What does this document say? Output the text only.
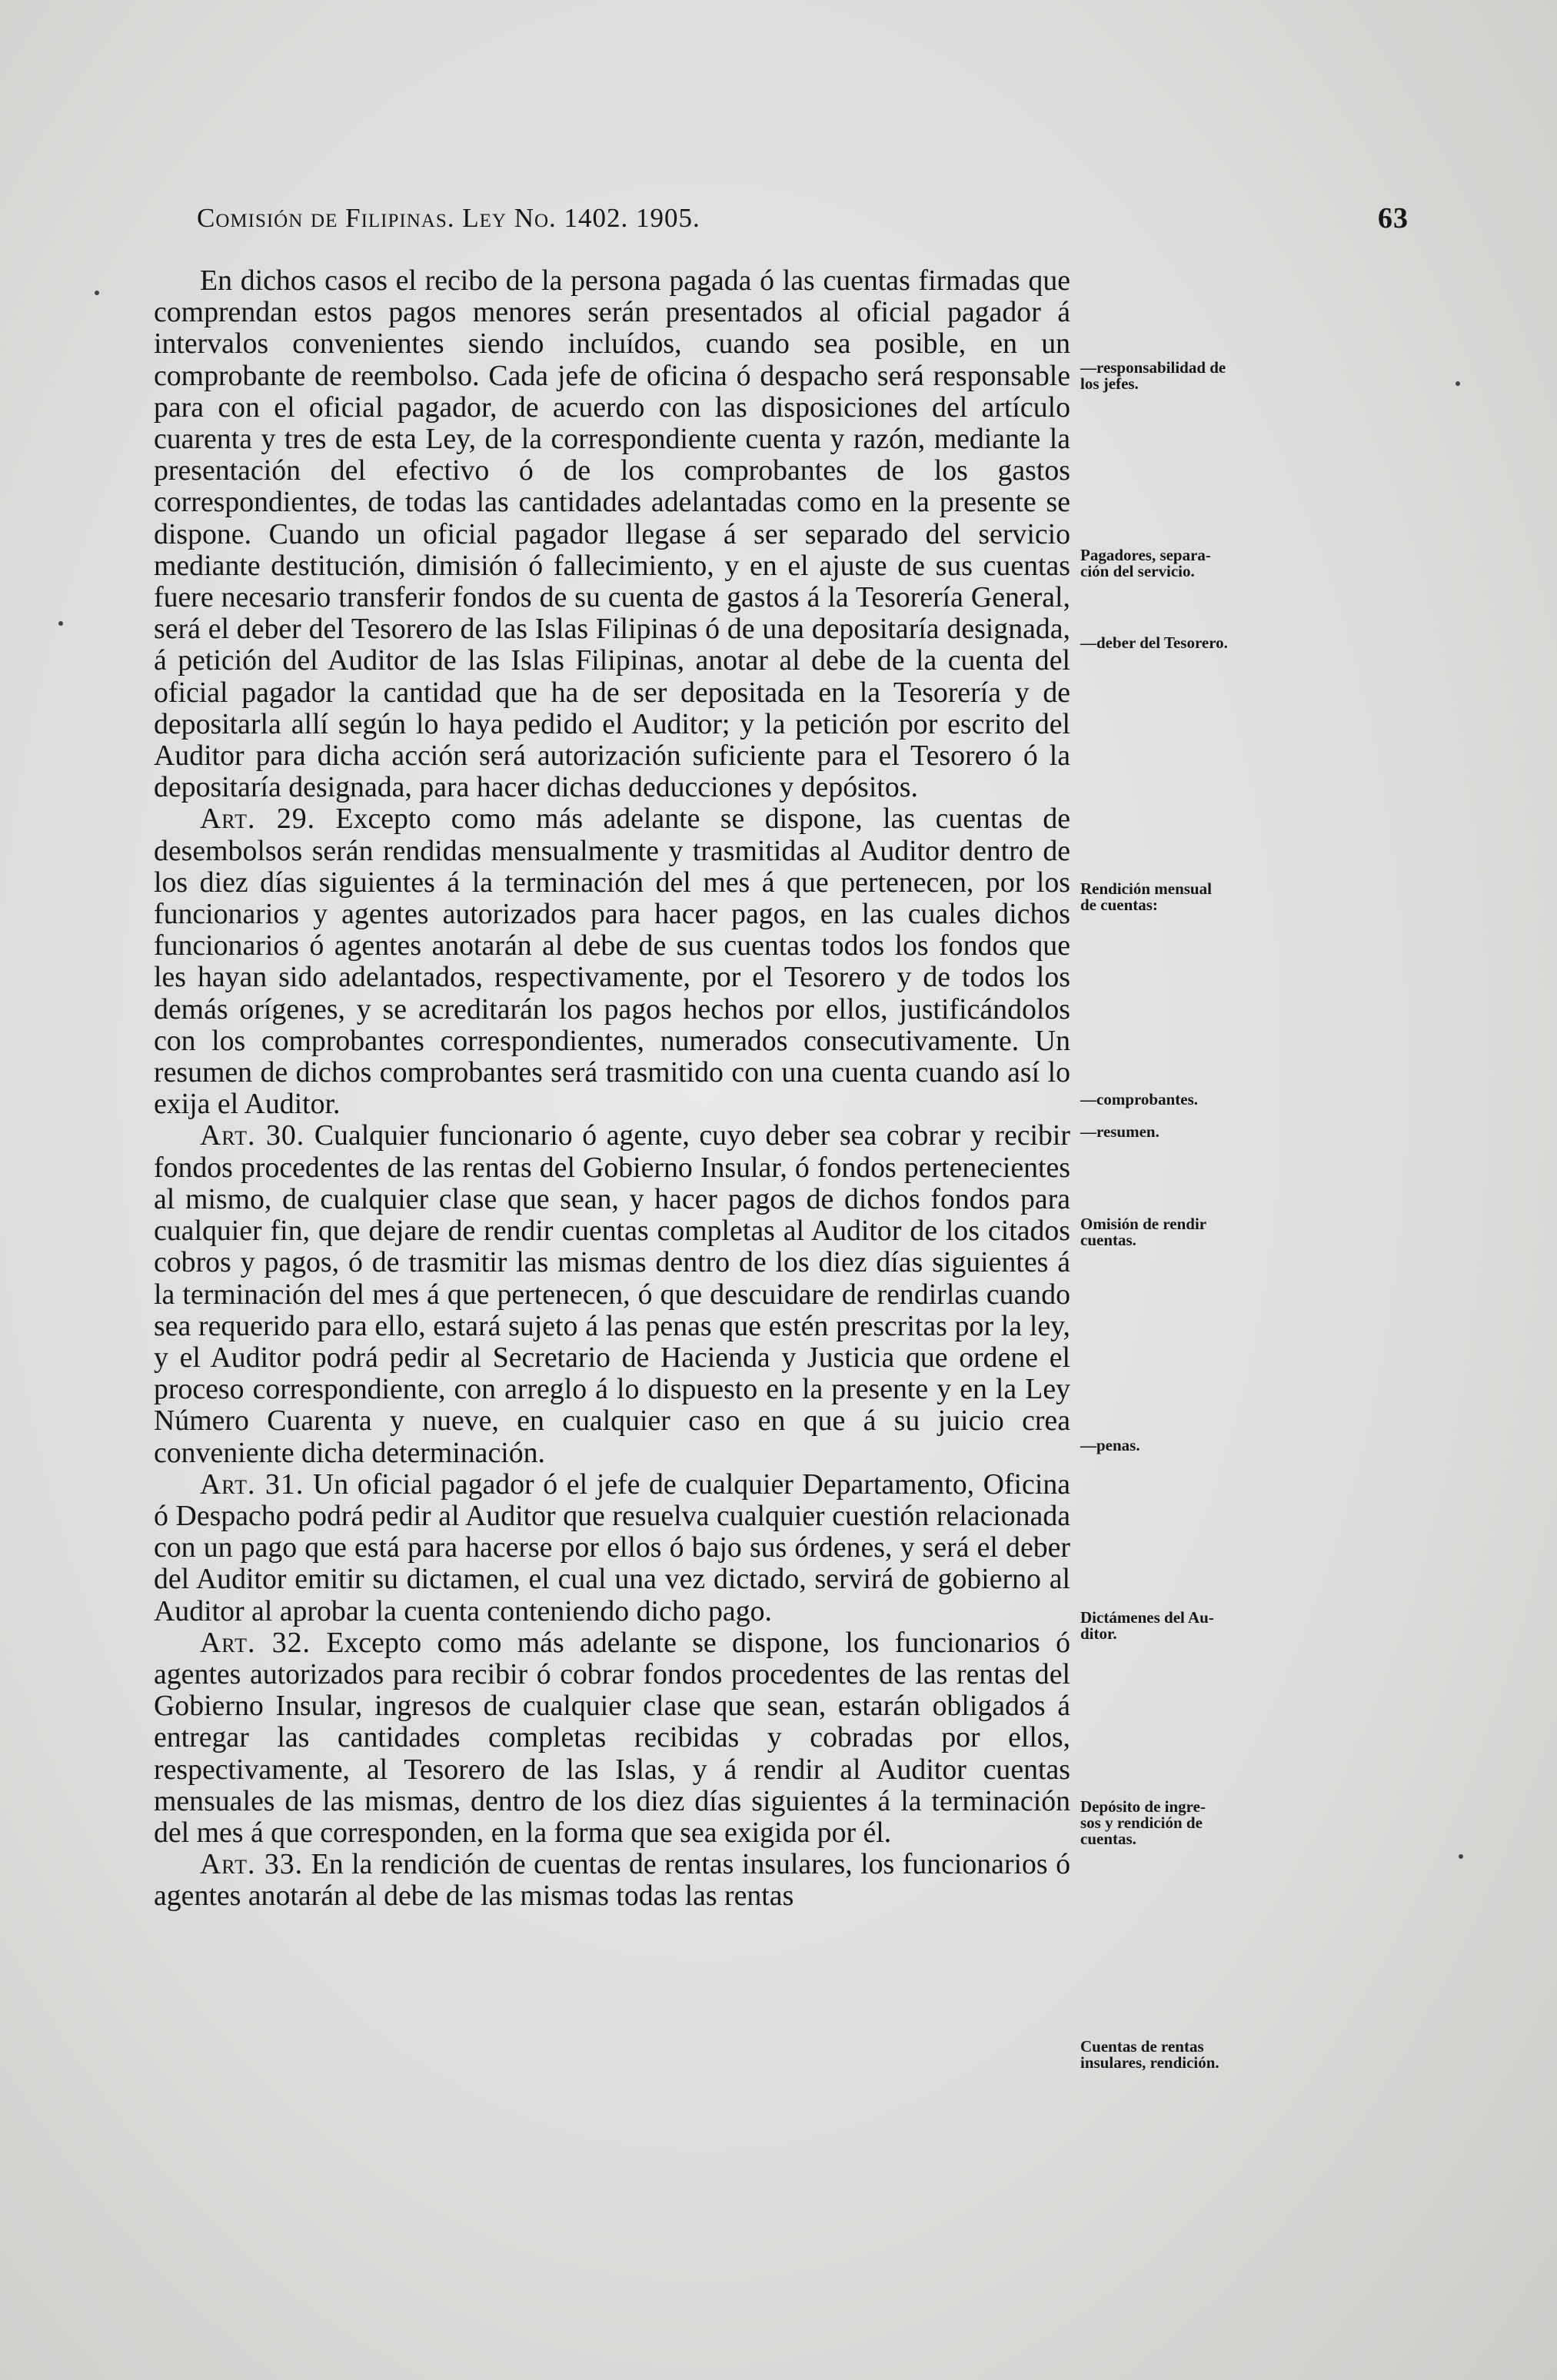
Comisión de Filipinas. Ley No. 1402. 1905.	63

En dichos casos el recibo de la persona pagada ó las cuentas firmadas que comprendan estos pagos menores serán presentados al oficial pagador á intervalos convenientes siendo incluídos, cuando sea posible, en un comprobante de reembolso. Cada jefe de oficina ó despacho será responsable para con el oficial pagador, de acuerdo con las disposiciones del artículo cuarenta y tres de esta Ley, de la correspondiente cuenta y razón, mediante la presentación del efectivo ó de los comprobantes de los gastos correspondientes, de todas las cantidades adelantadas como en la presente se dispone. Cuando un oficial pagador llegase á ser separado del servicio mediante destitución, dimisión ó fallecimiento, y en el ajuste de sus cuentas fuere necesario transferir fondos de su cuenta de gastos á la Tesorería General, será el deber del Tesorero de las Islas Filipinas ó de una depositaría designada, á petición del Auditor de las Islas Filipinas, anotar al debe de la cuenta del oficial pagador la cantidad que ha de ser depositada en la Tesorería y de depositarla allí según lo haya pedido el Auditor; y la petición por escrito del Auditor para dicha acción será autorización suficiente para el Tesorero ó la depositaría designada, para hacer dichas deducciones y depósitos.

Art. 29. Excepto como más adelante se dispone, las cuentas de desembolsos serán rendidas mensualmente y trasmitidas al Auditor dentro de los diez días siguientes á la terminación del mes á que pertenecen, por los funcionarios y agentes autorizados para hacer pagos, en las cuales dichos funcionarios ó agentes anotarán al debe de sus cuentas todos los fondos que les hayan sido adelantados, respectivamente, por el Tesorero y de todos los demás orígenes, y se acreditarán los pagos hechos por ellos, justificándolos con los comprobantes correspondientes, numerados consecutivamente. Un resumen de dichos comprobantes será trasmitido con una cuenta cuando así lo exija el Auditor.

Art. 30. Cualquier funcionario ó agente, cuyo deber sea cobrar y recibir fondos procedentes de las rentas del Gobierno Insular, ó fondos pertenecientes al mismo, de cualquier clase que sean, y hacer pagos de dichos fondos para cualquier fin, que dejare de rendir cuentas completas al Auditor de los citados cobros y pagos, ó de trasmitir las mismas dentro de los diez días siguientes á la terminación del mes á que pertenecen, ó que descuidare de rendirlas cuando sea requerido para ello, estará sujeto á las penas que estén prescritas por la ley, y el Auditor podrá pedir al Secretario de Hacienda y Justicia que ordene el proceso correspondiente, con arreglo á lo dispuesto en la presente y en la Ley Número Cuarenta y nueve, en cualquier caso en que á su juicio crea conveniente dicha determinación.

Art. 31. Un oficial pagador ó el jefe de cualquier Departamento, Oficina ó Despacho podrá pedir al Auditor que resuelva cualquier cuestión relacionada con un pago que está para hacerse por ellos ó bajo sus órdenes, y será el deber del Auditor emitir su dictamen, el cual una vez dictado, servirá de gobierno al Auditor al aprobar la cuenta conteniendo dicho pago.

Art. 32. Excepto como más adelante se dispone, los funcionarios ó agentes autorizados para recibir ó cobrar fondos procedentes de las rentas del Gobierno Insular, ingresos de cualquier clase que sean, estarán obligados á entregar las cantidades completas recibidas y cobradas por ellos, respectivamente, al Tesorero de las Islas, y á rendir al Auditor cuentas mensuales de las mismas, dentro de los diez días siguientes á la terminación del mes á que corresponden, en la forma que sea exigida por él.

Art. 33. En la rendición de cuentas de rentas insulares, los funcionarios ó agentes anotarán al debe de las mismas todas las rentas

—responsabilidad de
los jefes.
Pagadores, separa-
ción del servicio.
—deber del Tesorero.
Rendición mensual
de cuentas:
—comprobantes.
—resumen.
Omisión de rendir
cuentas.
—penas.
Dictámenes del Au-
ditor.
Depósito de ingre-
sos y rendición de
cuentas.
Cuentas de rentas
insulares, rendición.
